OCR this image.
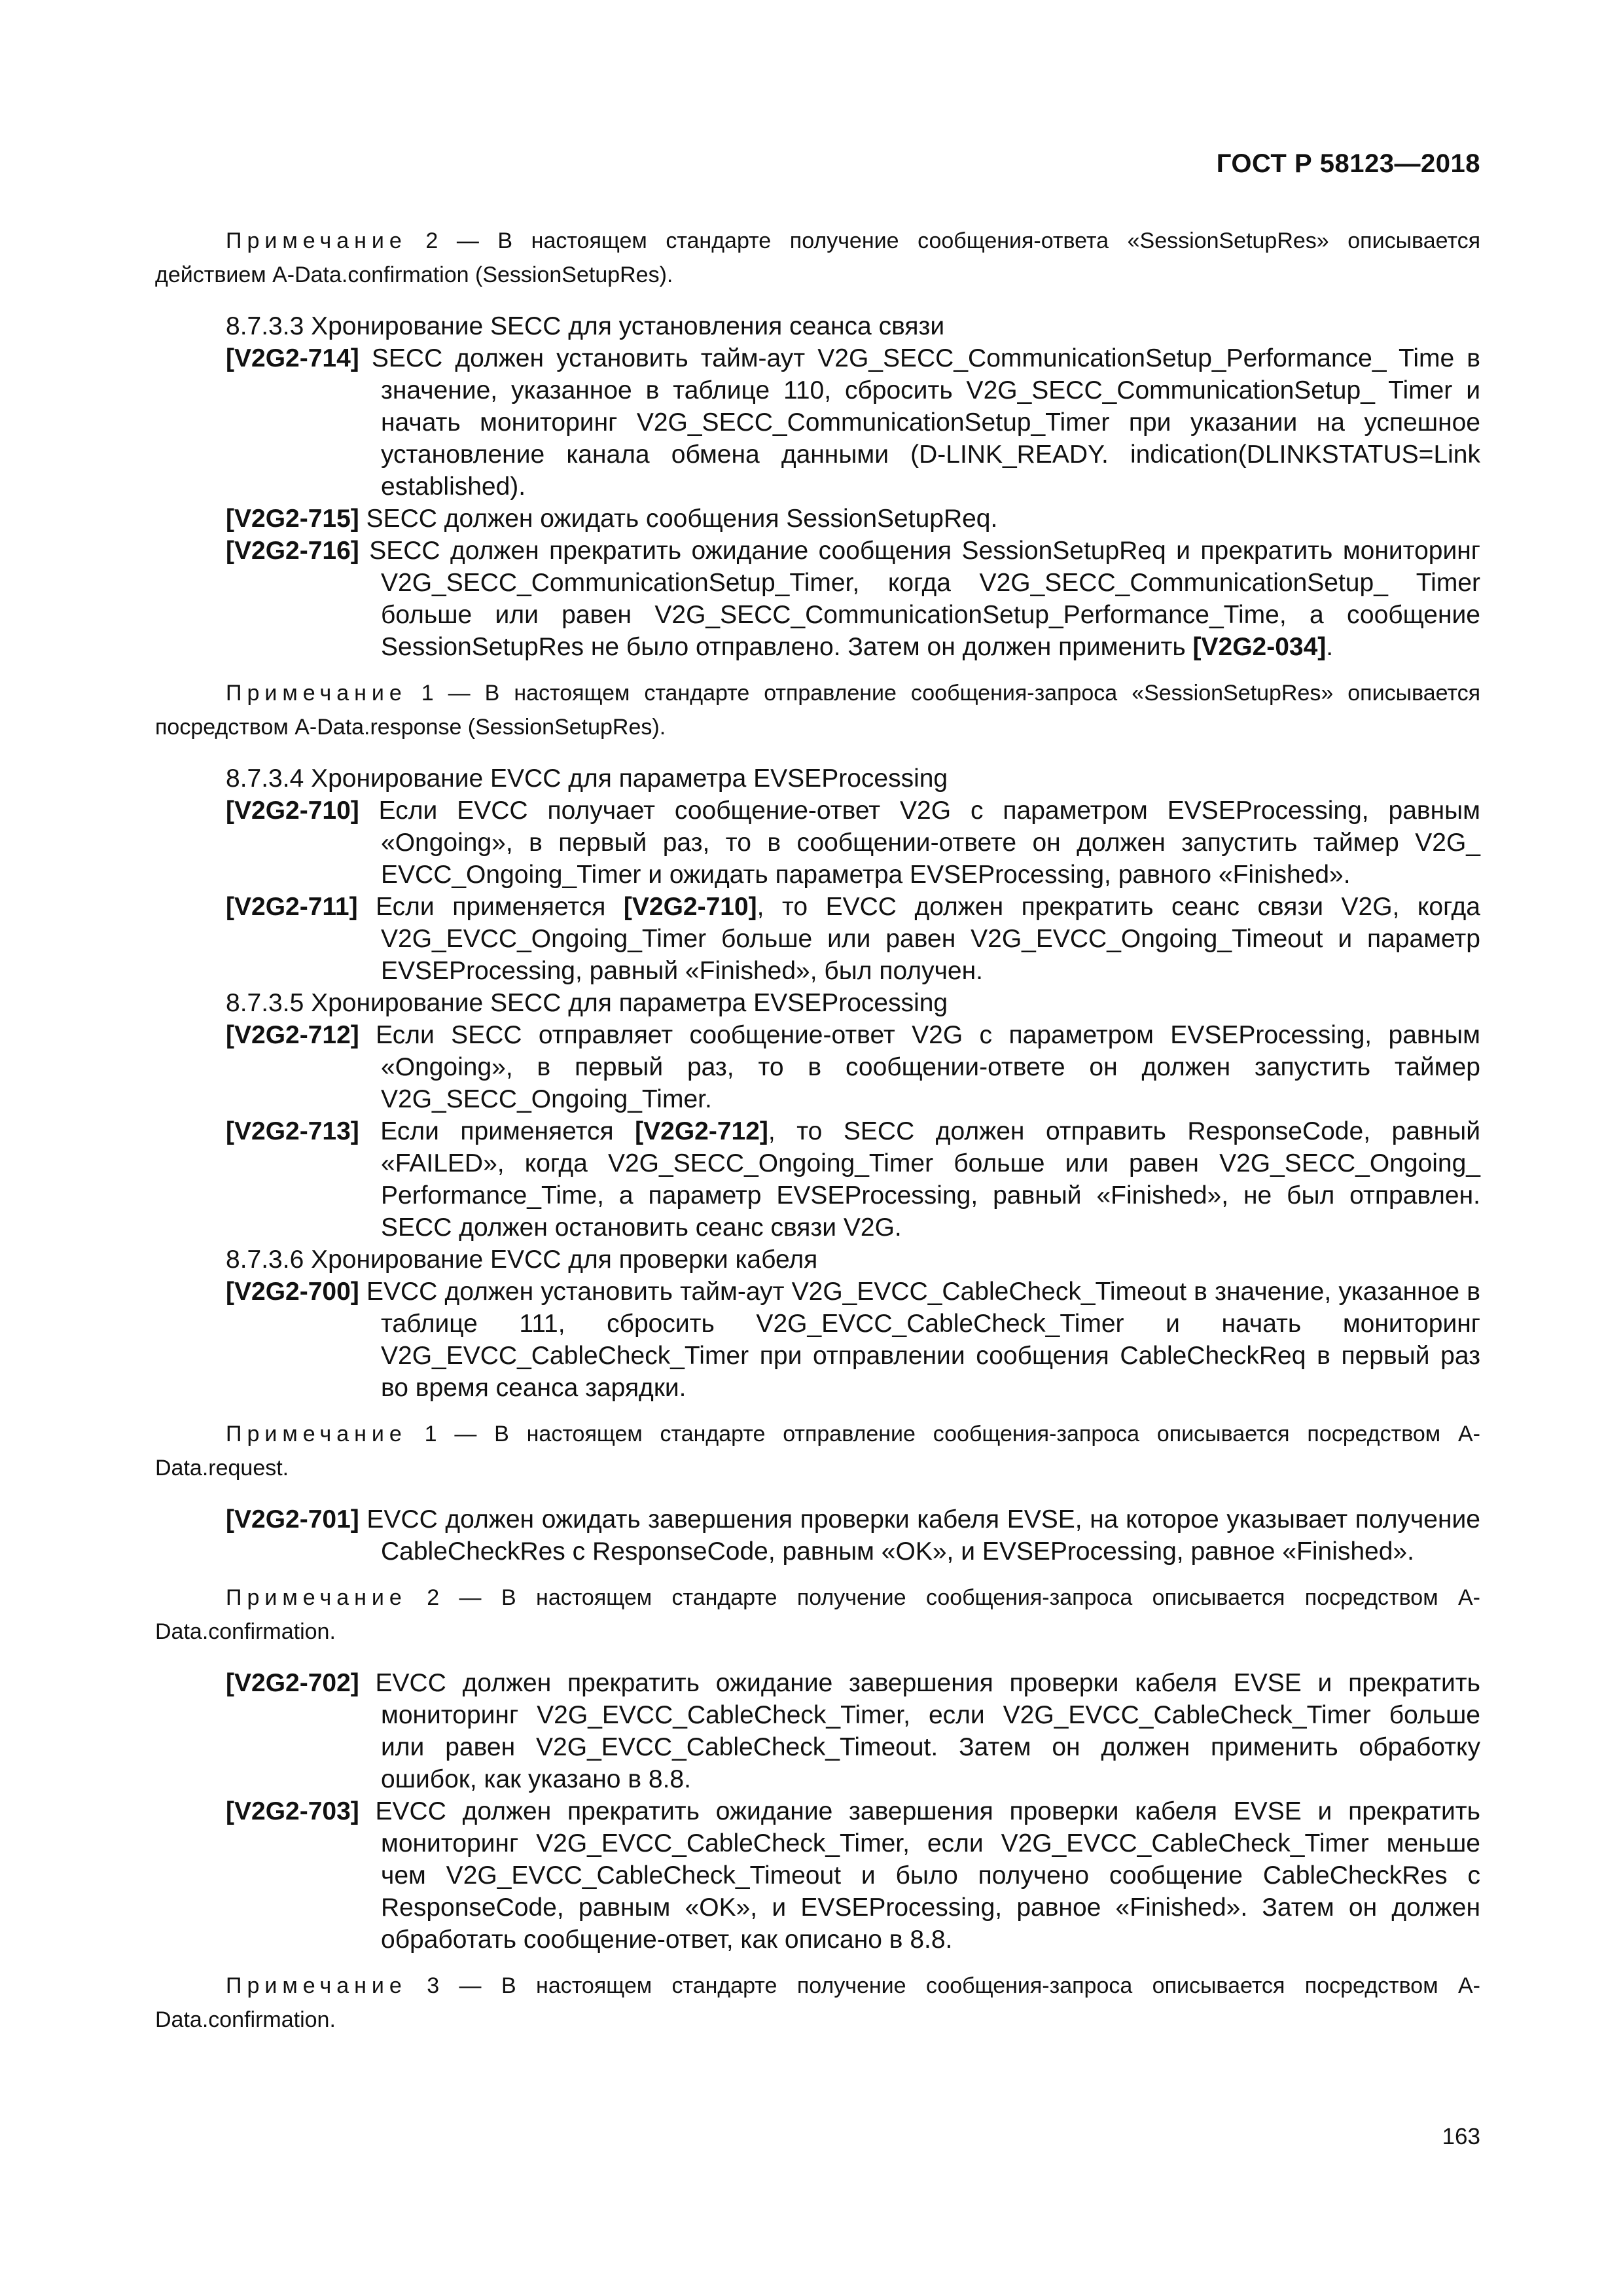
ГОСТ Р 58123—2018

Примечание 2 — В настоящем стандарте получение сообщения-ответа «SessionSetupRes» описывается действием A-Data.confirmation (SessionSetupRes).

8.7.3.3 Хронирование SECC для установления сеанса связи

[V2G2-714] SECC должен установить тайм-аут V2G_SECC_CommunicationSetup_Performance_ Time в значение, указанное в таблице 110, сбросить V2G_SECC_CommunicationSetup_ Timer и начать мониторинг V2G_SECC_CommunicationSetup_Timer при указании на успешное установление канала обмена данными (D-LINK_READY. indication(DLINKSTATUS=Link established).

[V2G2-715] SECC должен ожидать сообщения SessionSetupReq.

[V2G2-716] SECC должен прекратить ожидание сообщения SessionSetupReq и прекратить мониторинг V2G_SECC_CommunicationSetup_Timer, когда V2G_SECC_CommunicationSetup_ Timer больше или равен V2G_SECC_CommunicationSetup_Performance_Time, а сообщение SessionSetupRes не было отправлено. Затем он должен применить [V2G2-034].

Примечание 1 — В настоящем стандарте отправление сообщения-запроса «SessionSetupRes» описывается посредством A-Data.response (SessionSetupRes).

8.7.3.4 Хронирование EVCC для параметра EVSEProcessing

[V2G2-710] Если EVCC получает сообщение-ответ V2G с параметром EVSEProcessing, равным «Ongoing», в первый раз, то в сообщении-ответе он должен запустить таймер V2G_ EVCC_Ongoing_Timer и ожидать параметра EVSEProcessing, равного «Finished».

[V2G2-711] Если применяется [V2G2-710], то EVCC должен прекратить сеанс связи V2G, когда V2G_EVCC_Ongoing_Timer больше или равен V2G_EVCC_Ongoing_Timeout и параметр EVSEProcessing, равный «Finished», был получен.

8.7.3.5 Хронирование SECC для параметра EVSEProcessing

[V2G2-712] Если SECC отправляет сообщение-ответ V2G с параметром EVSEProcessing, равным «Ongoing», в первый раз, то в сообщении-ответе он должен запустить таймер V2G_SECC_Ongoing_Timer.

[V2G2-713] Если применяется [V2G2-712], то SECC должен отправить ResponseCode, равный «FAILED», когда V2G_SECC_Ongoing_Timer больше или равен V2G_SECC_Ongoing_ Performance_Time, а параметр EVSEProcessing, равный «Finished», не был отправлен. SECC должен остановить сеанс связи V2G.

8.7.3.6 Хронирование EVCC для проверки кабеля

[V2G2-700] EVCC должен установить тайм-аут V2G_EVCC_CableCheck_Timeout в значение, указанное в таблице 111, сбросить V2G_EVCC_CableCheck_Timer и начать мониторинг V2G_EVCC_CableCheck_Timer при отправлении сообщения CableCheckReq в первый раз во время сеанса зарядки.

Примечание 1 — В настоящем стандарте отправление сообщения-запроса описывается посредством A-Data.request.

[V2G2-701] EVCC должен ожидать завершения проверки кабеля EVSE, на которое указывает получение CableCheckRes с ResponseCode, равным «OK», и EVSEProcessing, равное «Finished».

Примечание 2 — В настоящем стандарте получение сообщения-запроса описывается посредством A-Data.confirmation.

[V2G2-702] EVCC должен прекратить ожидание завершения проверки кабеля EVSE и прекратить мониторинг V2G_EVCC_CableCheck_Timer, если V2G_EVCC_CableCheck_Timer больше или равен V2G_EVCC_CableCheck_Timeout. Затем он должен применить обработку ошибок, как указано в 8.8.

[V2G2-703] EVCC должен прекратить ожидание завершения проверки кабеля EVSE и прекратить мониторинг V2G_EVCC_CableCheck_Timer, если V2G_EVCC_CableCheck_Timer меньше чем V2G_EVCC_CableCheck_Timeout и было получено сообщение CableCheckRes с ResponseCode, равным «OK», и EVSEProcessing, равное «Finished». Затем он должен обработать сообщение-ответ, как описано в 8.8.

Примечание 3 — В настоящем стандарте получение сообщения-запроса описывается посредством A-Data.confirmation.

163
